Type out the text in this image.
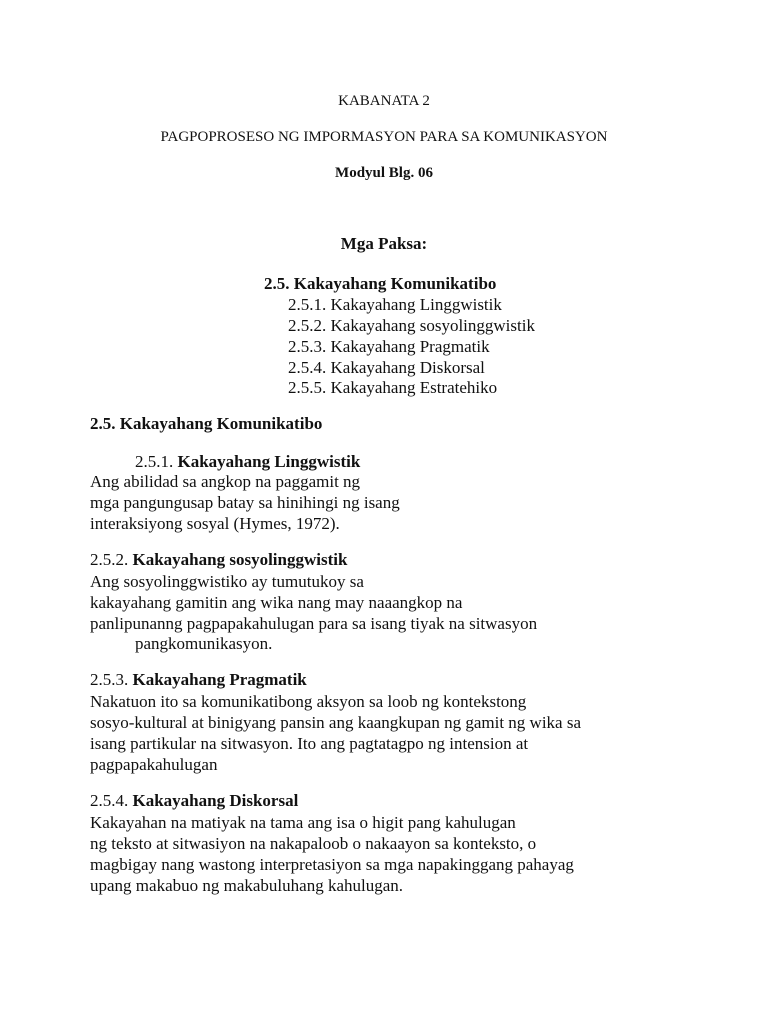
KABANATA 2
PAGPOPROSESO NG IMPORMASYON PARA SA KOMUNIKASYON
Modyul Blg. 06
Mga Paksa:
2.5. Kakayahang Komunikatibo
2.5.1. Kakayahang Linggwistik
2.5.2. Kakayahang sosyolinggwistik
2.5.3. Kakayahang Pragmatik
2.5.4. Kakayahang Diskorsal
2.5.5. Kakayahang Estratehiko
2.5. Kakayahang Komunikatibo
2.5.1. Kakayahang Linggwistik
Ang abilidad sa angkop na paggamit ng
mga pangungusap batay sa hinihingi ng isang
interaksiyong sosyal (Hymes, 1972).
2.5.2. Kakayahang sosyolinggwistik
Ang sosyolinggwistiko ay tumutukoy sa
kakayahang gamitin ang wika nang may naaangkop na
panlipunanng pagpapakahulugan para sa isang tiyak na sitwasyon
pangkomunikasyon.
2.5.3. Kakayahang Pragmatik
Nakatuon ito sa komunikatibong aksyon sa loob ng kontekstong
sosyo-kultural at binigyang pansin ang kaangkupan ng gamit ng wika sa
isang partikular na sitwasyon. Ito ang pagtatagpo ng intension at
pagpapakahulugan
2.5.4. Kakayahang Diskorsal
Kakayahan na matiyak na tama ang isa o higit pang kahulugan
ng teksto at sitwasiyon na nakapaloob o nakaayon sa konteksto, o
magbigay nang wastong interpretasiyon sa mga napakinggang pahayag
upang makabuo ng makabuluhang kahulugan.
